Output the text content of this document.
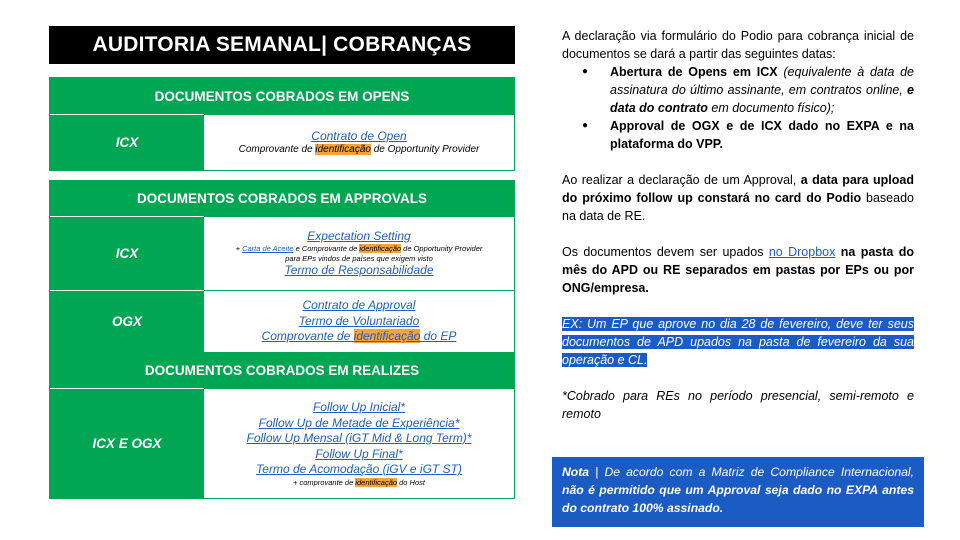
AUDITORIA SEMANAL| COBRANÇAS
DOCUMENTOS COBRADOS EM OPENS
ICX	Contrato de Open
Comprovante de identificação de Opportunity Provider
DOCUMENTOS COBRADOS EM APPROVALS
ICX
Expectation Setting
+ Carta de Aceite e Comprovante de identificação de Opportunity Provider
para EPs vindos de países que exigem visto
Termo de Responsabilidade
OGX
Contrato de Approval
Termo de Voluntariado
Comprovante de identificação do EP
DOCUMENTOS COBRADOS EM REALIZES
ICX E OGX
Follow Up Inicial*
Follow Up de Metade de Experiência*
Follow Up Mensal (iGT Mid & Long Term)*
Follow Up Final*
Termo de Acomodação (iGV e iGT ST)
+ comprovante de identificação do Host
A declaração via formulário do Podio para cobrança inicial de documentos se dará a partir das seguintes datas:
● Abertura de Opens em ICX (equivalente à data de assinatura do último assinante, em contratos online, e data do contrato em documento físico);
● Approval de OGX e de ICX dado no EXPA e na plataforma do VPP.
Ao realizar a declaração de um Approval, a data para upload do próximo follow up constará no card do Podio baseado na data de RE.
Os documentos devem ser upados no Dropbox na pasta do mês do APD ou RE separados em pastas por EPs ou por ONG/empresa.
EX: Um EP que aprove no dia 28 de fevereiro, deve ter seus documentos de APD upados na pasta de fevereiro da sua operação e CL.
*Cobrado para REs no período presencial, semi-remoto e remoto
Nota | De acordo com a Matriz de Compliance Internacional, não é permitido que um Approval seja dado no EXPA antes do contrato 100% assinado.
